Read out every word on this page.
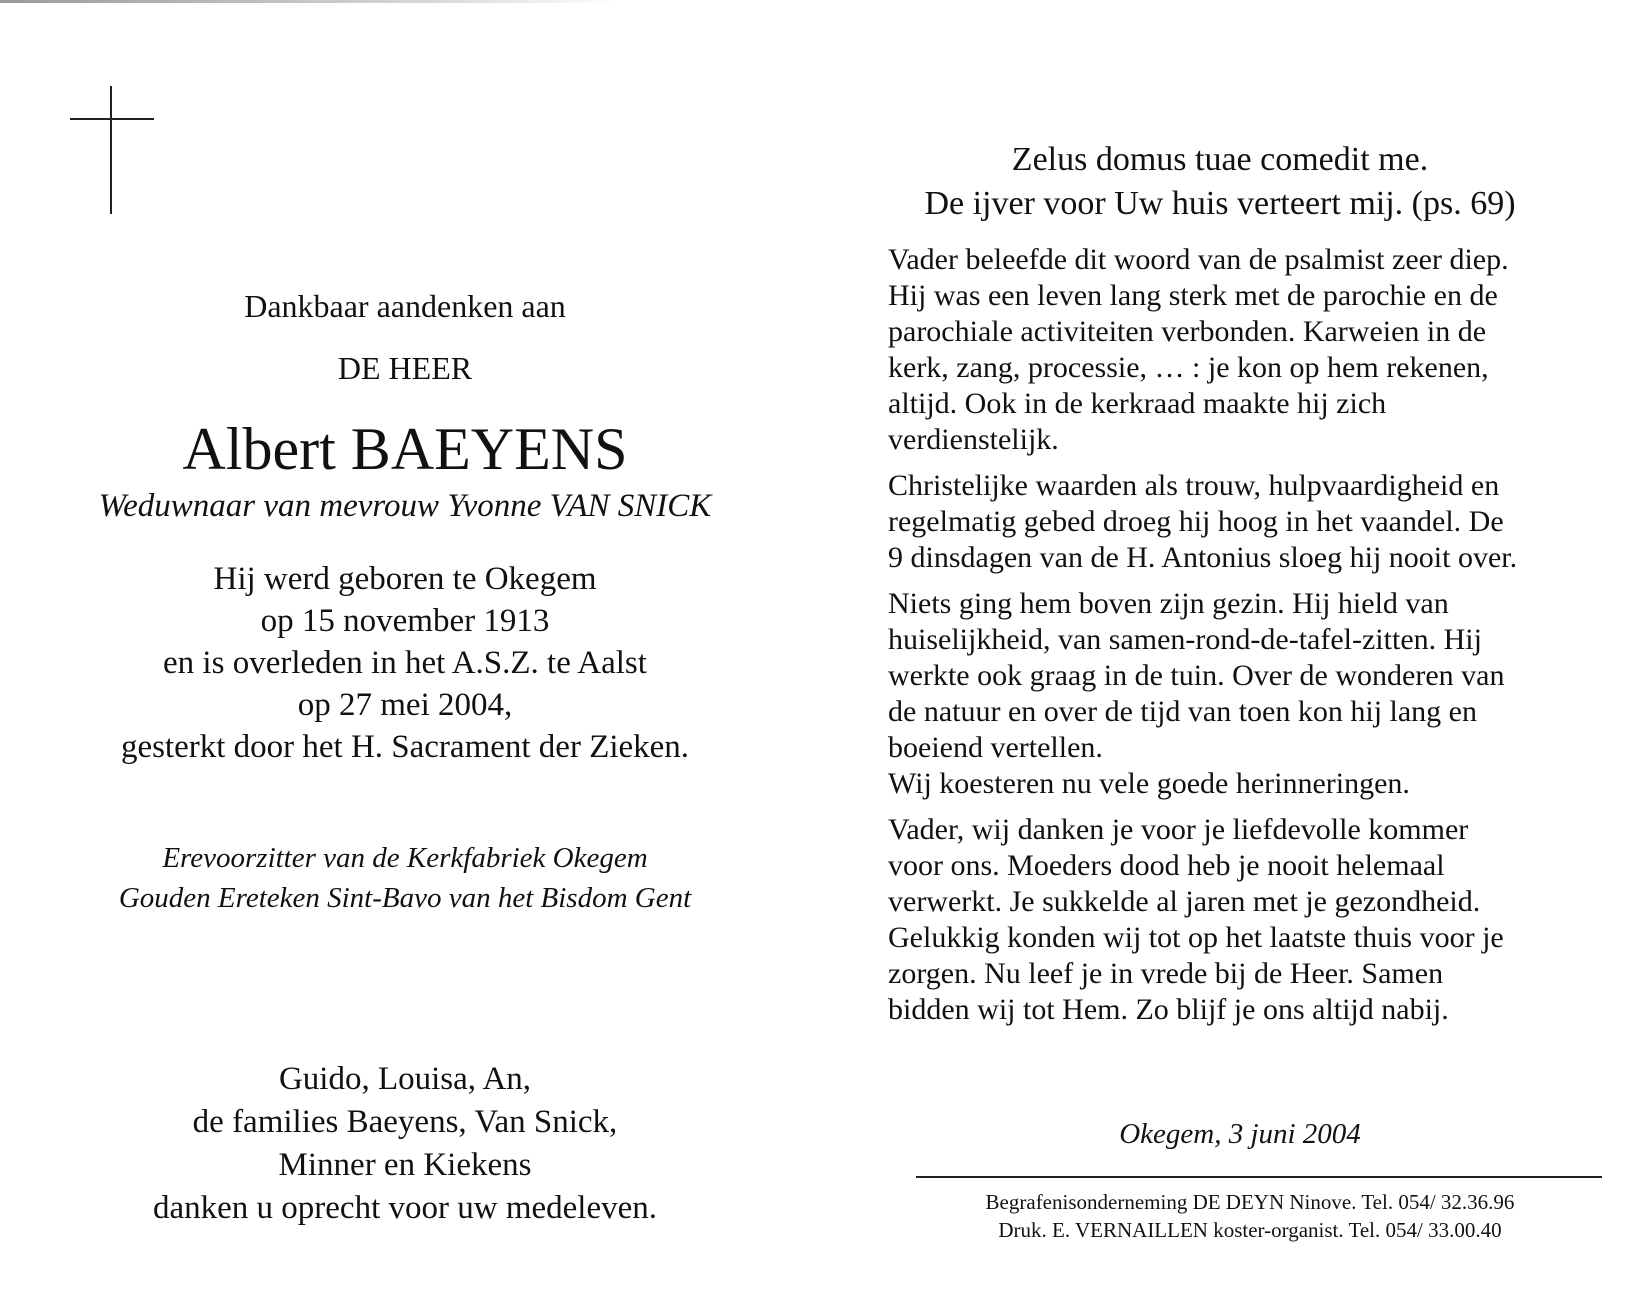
Dankbaar aandenken aan
DE HEER
Albert BAEYENS
Weduwnaar van mevrouw Yvonne VAN SNICK
Hij werd geboren te Okegem
op 15 november 1913
en is overleden in het A.S.Z. te Aalst
op 27 mei 2004,
gesterkt door het H. Sacrament der Zieken.
Erevoorzitter van de Kerkfabriek Okegem
Gouden Ereteken Sint-Bavo van het Bisdom Gent
Guido, Louisa, An,
de families Baeyens, Van Snick,
Minner en Kiekens
danken u oprecht voor uw medeleven.
Zelus domus tuae comedit me.
De ijver voor Uw huis verteert mij. (ps. 69)
Vader beleefde dit woord van de psalmist zeer diep.
Hij was een leven lang sterk met de parochie en de
parochiale activiteiten verbonden. Karweien in de
kerk, zang, processie, … : je kon op hem rekenen,
altijd. Ook in de kerkraad maakte hij zich
verdienstelijk.
Christelijke waarden als trouw, hulpvaardigheid en
regelmatig gebed droeg hij hoog in het vaandel. De
9 dinsdagen van de H. Antonius sloeg hij nooit over.
Niets ging hem boven zijn gezin. Hij hield van
huiselijkheid, van samen-rond-de-tafel-zitten. Hij
werkte ook graag in de tuin. Over de wonderen van
de natuur en over de tijd van toen kon hij lang en
boeiend vertellen.
Wij koesteren nu vele goede herinneringen.
Vader, wij danken je voor je liefdevolle kommer
voor ons. Moeders dood heb je nooit helemaal
verwerkt. Je sukkelde al jaren met je gezondheid.
Gelukkig konden wij tot op het laatste thuis voor je
zorgen. Nu leef je in vrede bij de Heer. Samen
bidden wij tot Hem. Zo blijf je ons altijd nabij.
Okegem, 3 juni 2004
Begrafenisonderneming DE DEYN Ninove. Tel. 054/ 32.36.96
Druk. E. VERNAILLEN koster-organist. Tel. 054/ 33.00.40
